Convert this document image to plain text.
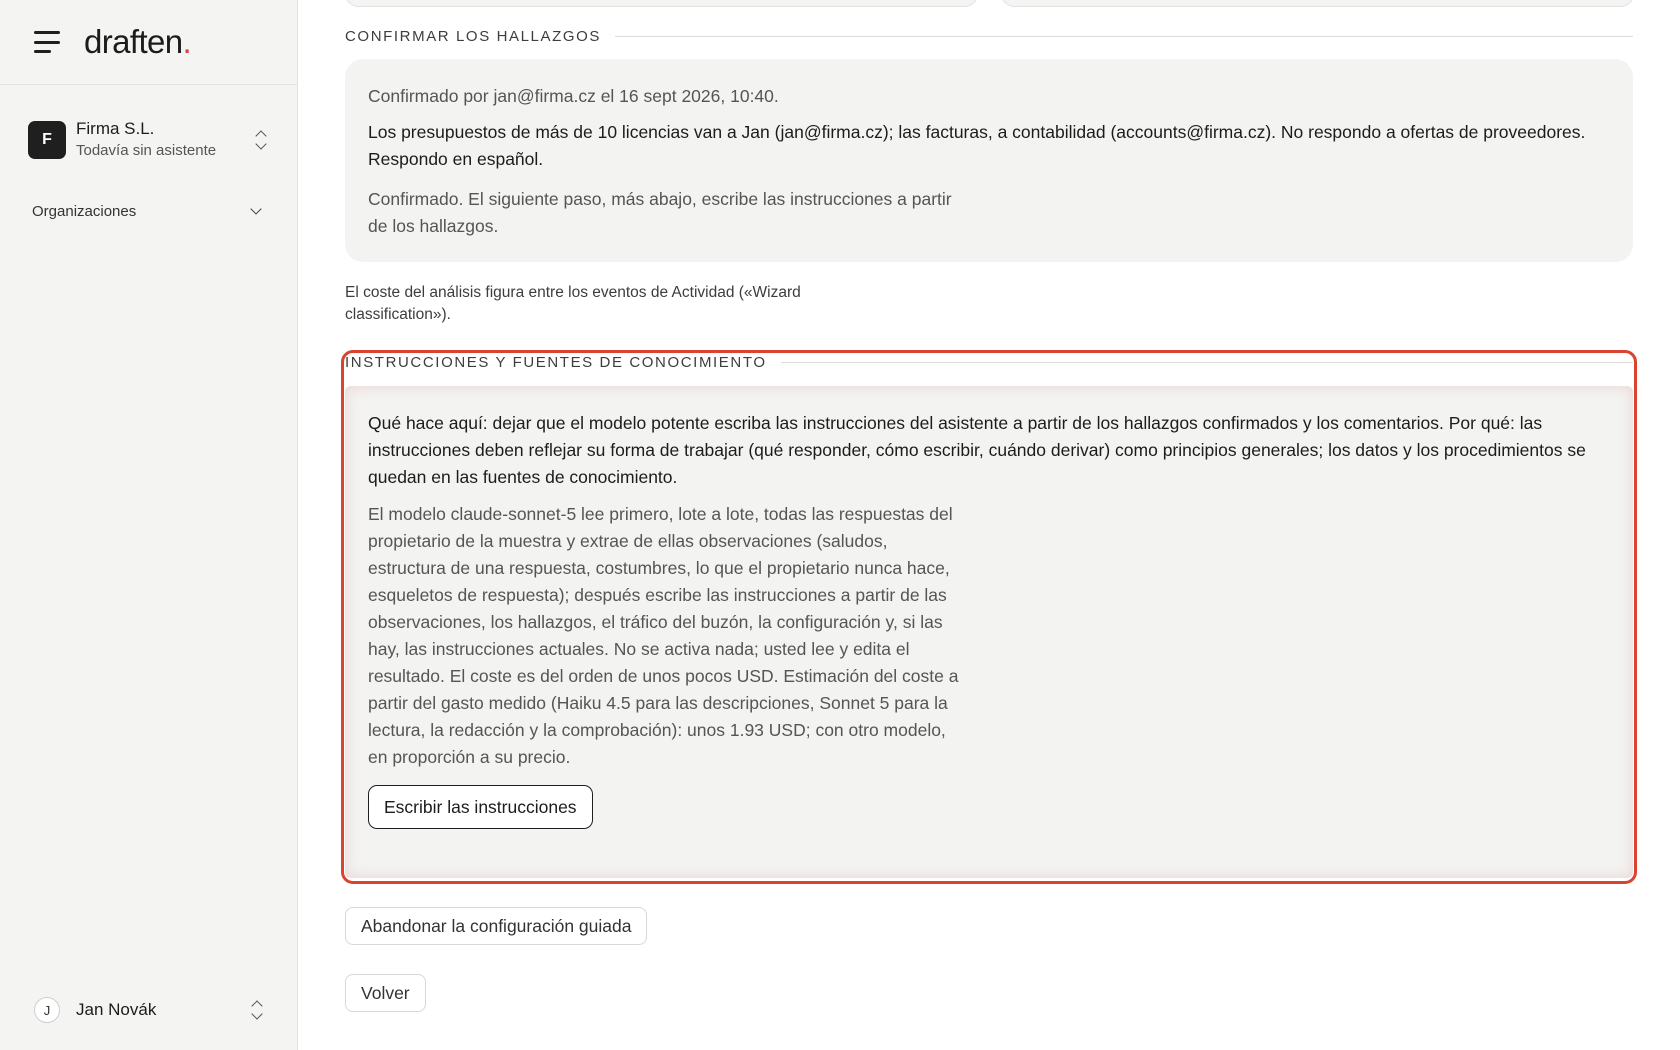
draften.
F
Firma S.L.
Todavía sin asistente
Organizaciones
J	Jan Novák
CONFIRMAR LOS HALLAZGOS

Confirmado por jan@firma.cz el 16 sept 2026, 10:40.

Los presupuestos de más de 10 licencias van a Jan (jan@firma.cz); las facturas, a contabilidad (accounts@firma.cz). No respondo a ofertas de proveedores. Respondo en español.

Confirmado. El siguiente paso, más abajo, escribe las instrucciones a partir de los hallazgos.

El coste del análisis figura entre los eventos de Actividad («Wizard classification»).

INSTRUCCIONES Y FUENTES DE CONOCIMIENTO

Qué hace aquí: dejar que el modelo potente escriba las instrucciones del asistente a partir de los hallazgos confirmados y los comentarios. Por qué: las instrucciones deben reflejar su forma de trabajar (qué responder, cómo escribir, cuándo derivar) como principios generales; los datos y los procedimientos se quedan en las fuentes de conocimiento.

El modelo claude-sonnet-5 lee primero, lote a lote, todas las respuestas del propietario de la muestra y extrae de ellas observaciones (saludos, estructura de una respuesta, costumbres, lo que el propietario nunca hace, esqueletos de respuesta); después escribe las instrucciones a partir de las observaciones, los hallazgos, el tráfico del buzón, la configuración y, si las hay, las instrucciones actuales. No se activa nada; usted lee y edita el resultado. El coste es del orden de unos pocos USD. Estimación del coste a partir del gasto medido (Haiku 4.5 para las descripciones, Sonnet 5 para la lectura, la redacción y la comprobación): unos 1.93 USD; con otro modelo, en proporción a su precio.

Escribir las instrucciones
Abandonar la configuración guiada
Volver
